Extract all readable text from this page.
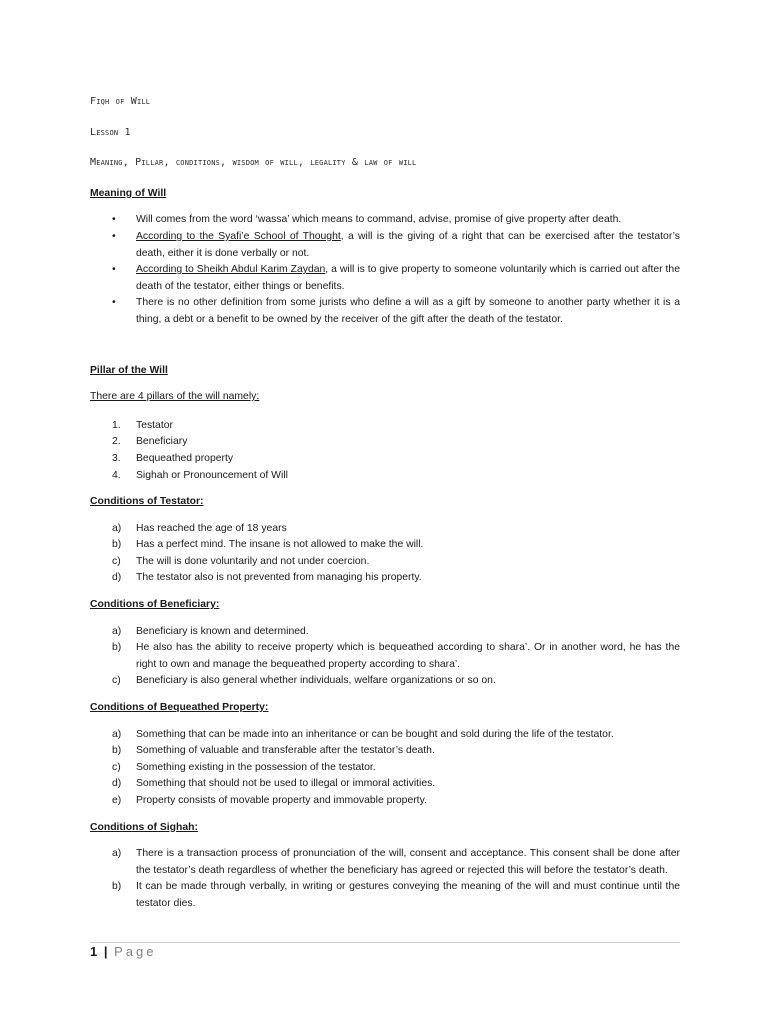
Fiqh of Will
Lesson 1
Meaning, Pillar, conditions, wisdom of will, legality & law of will
Meaning of Will
• Will comes from the word ‘wassa’ which means to command, advise, promise of give property after death.
• According to the Syafi’e School of Thought, a will is the giving of a right that can be exercised after the testator’s death, either it is done verbally or not.
• According to Sheikh Abdul Karim Zaydan, a will is to give property to someone voluntarily which is carried out after the death of the testator, either things or benefits.
• There is no other definition from some jurists who define a will as a gift by someone to another party whether it is a thing, a debt or a benefit to be owned by the receiver of the gift after the death of the testator.
Pillar of the Will
There are 4 pillars of the will namely:
1. Testator
2. Beneficiary
3. Bequeathed property
4. Sighah or Pronouncement of Will
Conditions of Testator:
a) Has reached the age of 18 years
b) Has a perfect mind. The insane is not allowed to make the will.
c) The will is done voluntarily and not under coercion.
d) The testator also is not prevented from managing his property.
Conditions of Beneficiary:
a) Beneficiary is known and determined.
b) He also has the ability to receive property which is bequeathed according to shara’. Or in another word, he has the right to own and manage the bequeathed property according to shara’.
c) Beneficiary is also general whether individuals, welfare organizations or so on.
Conditions of Bequeathed Property:
a) Something that can be made into an inheritance or can be bought and sold during the life of the testator.
b) Something of valuable and transferable after the testator’s death.
c) Something existing in the possession of the testator.
d) Something that should not be used to illegal or immoral activities.
e) Property consists of movable property and immovable property.
Conditions of Sighah:
a) There is a transaction process of pronunciation of the will, consent and acceptance. This consent shall be done after the testator’s death regardless of whether the beneficiary has agreed or rejected this will before the testator’s death.
b) It can be made through verbally, in writing or gestures conveying the meaning of the will and must continue until the testator dies.
1 | Page
